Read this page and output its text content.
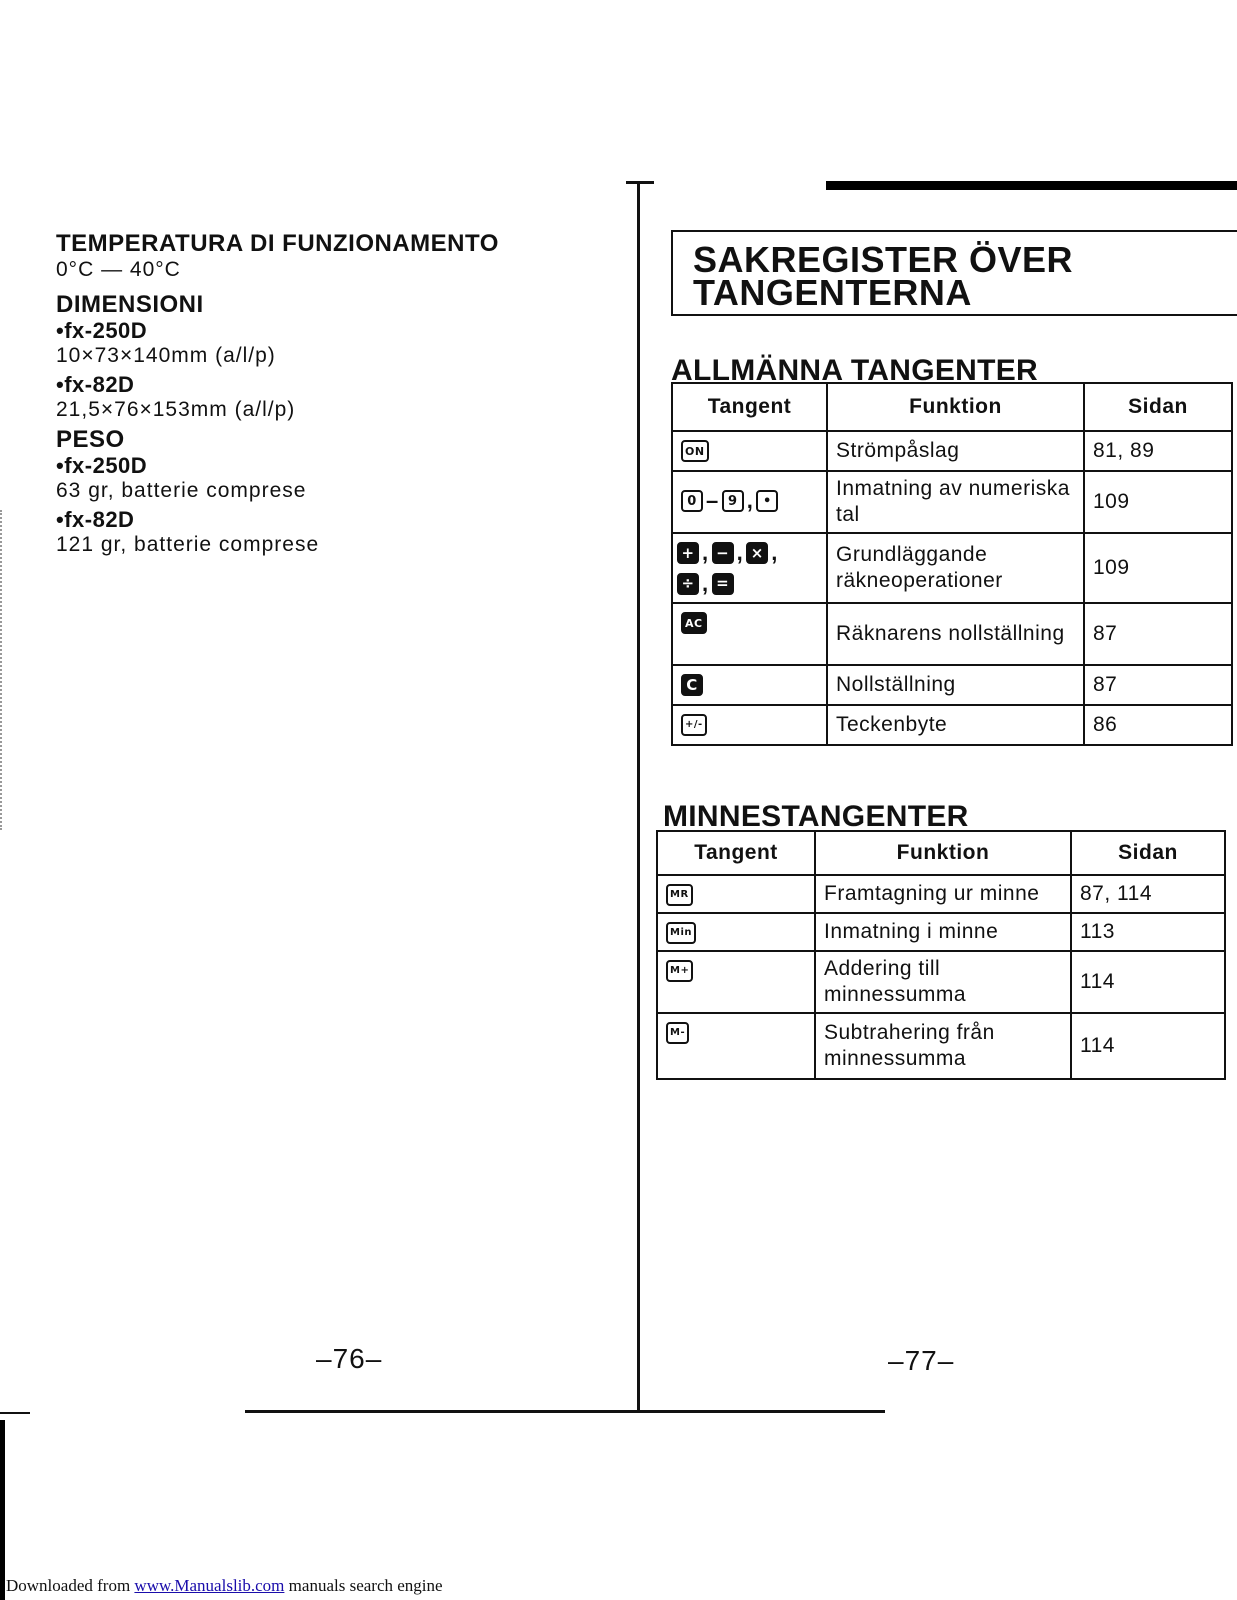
TEMPERATURA DI FUNZIONAMENTO
0°C — 40°C
DIMENSIONI
•fx-250D
10×73×140mm (a/l/p)
•fx-82D
21,5×76×153mm (a/l/p)
PESO
•fx-250D
63 gr, batterie comprese
•fx-82D
121 gr, batterie comprese
–76–
SAKREGISTER ÖVER
TANGENTERNA
ALLMÄNNA TANGENTER
Tangent	Funktion	Sidan
ON	Strömpåslag	81, 89
0 – 9 , •	Inmatning av numeriska tal	109
+ , − , × ,
÷ , =	Grundläggande räkneoperationer	109
AC	Räknarens nollställning	87
C	Nollställning	87
+/-	Teckenbyte	86
MINNESTANGENTER
Tangent	Funktion	Sidan
MR	Framtagning ur minne	87, 114
Min	Inmatning i minne	113
M+	Addering till minnessumma	114
M-	Subtrahering från minnessumma	114
–77–
Downloaded from www.Manualslib.com manuals search engine
